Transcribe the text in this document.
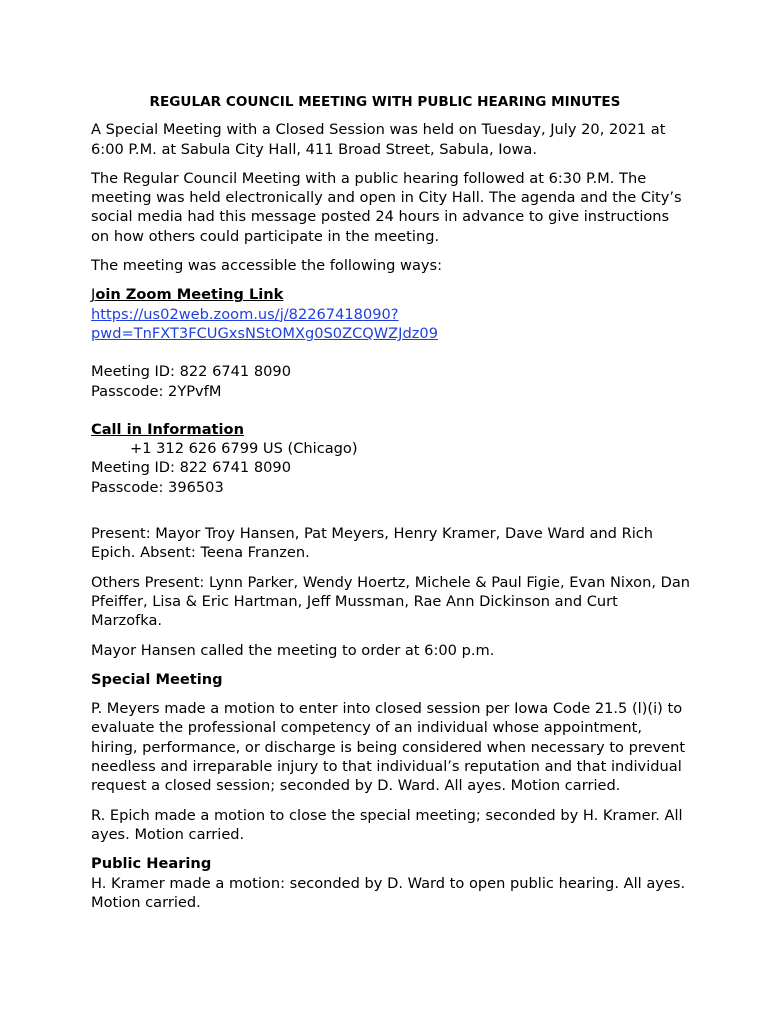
REGULAR COUNCIL MEETING WITH PUBLIC HEARING MINUTES

A Special Meeting with a Closed Session was held on Tuesday, July 20, 2021 at 6:00 P.M. at Sabula City Hall, 411 Broad Street, Sabula, Iowa.

The Regular Council Meeting with a public hearing followed at 6:30 P.M. The meeting was held electronically and open in City Hall. The agenda and the City’s social media had this message posted 24 hours in advance to give instructions on how others could participate in the meeting.

The meeting was accessible the following ways:

Join Zoom Meeting Link
https://us02web.zoom.us/j/82267418090?
pwd=TnFXT3FCUGxsNStOMXg0S0ZCQWZJdz09
Meeting ID: 822 6741 8090
Passcode: 2YPvfM
Call in Information
+1 312 626 6799 US (Chicago)
Meeting ID: 822 6741 8090
Passcode: 396503

Present: Mayor Troy Hansen, Pat Meyers, Henry Kramer, Dave Ward and Rich Epich. Absent: Teena Franzen.

Others Present: Lynn Parker, Wendy Hoertz, Michele & Paul Figie, Evan Nixon, Dan Pfeiffer, Lisa & Eric Hartman, Jeff Mussman, Rae Ann Dickinson and Curt Marzofka.

Mayor Hansen called the meeting to order at 6:00 p.m.

Special Meeting

P. Meyers made a motion to enter into closed session per Iowa Code 21.5 (l)(i) to evaluate the professional competency of an individual whose appointment, hiring, performance, or discharge is being considered when necessary to prevent needless and irreparable injury to that individual’s reputation and that individual request a closed session; seconded by D. Ward. All ayes. Motion carried.

R. Epich made a motion to close the special meeting; seconded by H. Kramer. All ayes. Motion carried.

Public Hearing
H. Kramer made a motion: seconded by D. Ward to open public hearing. All ayes. Motion carried.
